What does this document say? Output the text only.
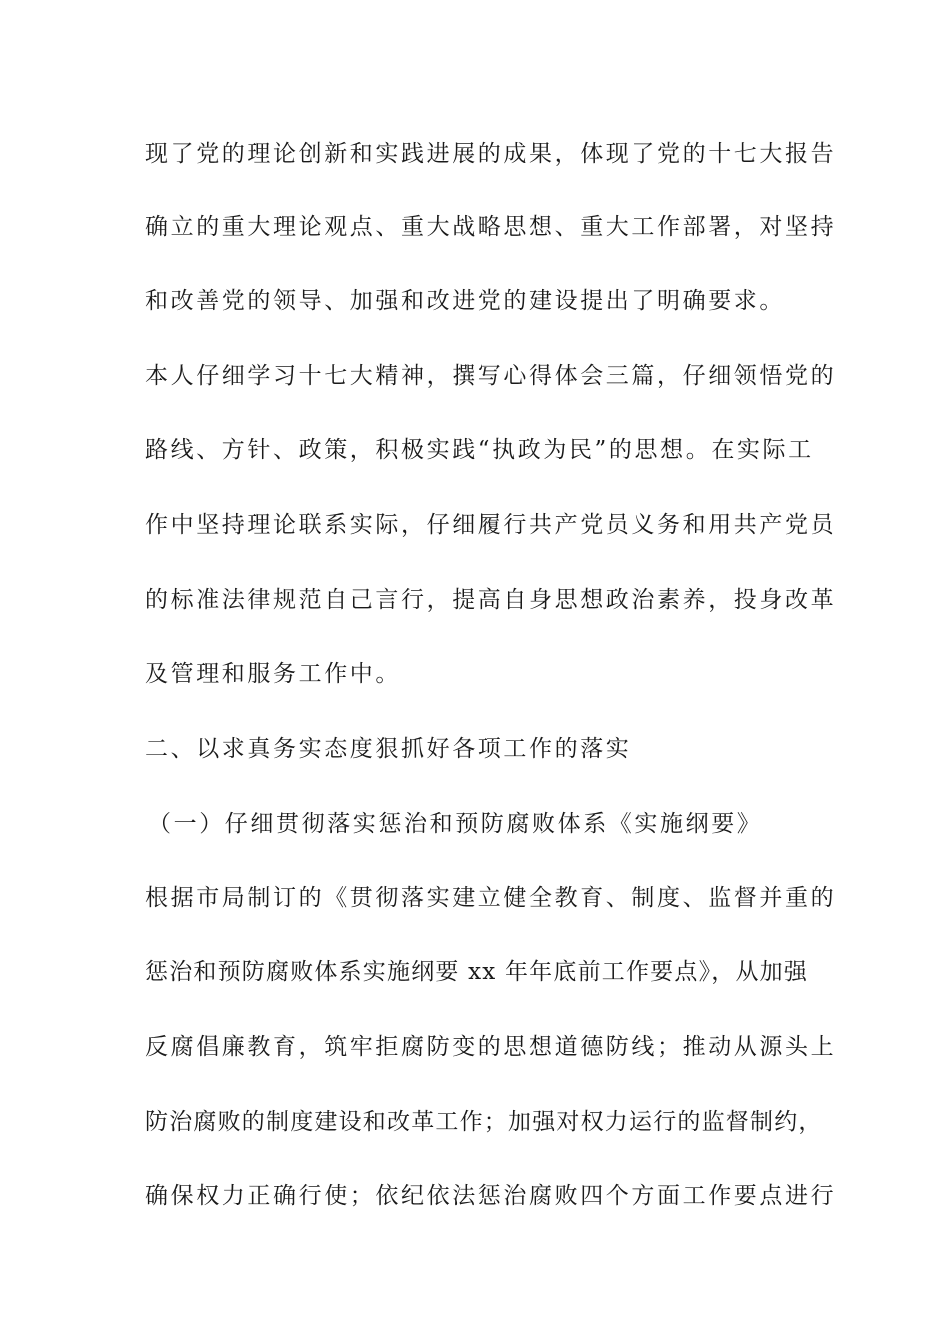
现了党的理论创新和实践进展的成果，体现了党的十七大报告
确立的重大理论观点、重大战略思想、重大工作部署，对坚持
和改善党的领导、加强和改进党的建设提出了明确要求。
本人仔细学习十七大精神，撰写心得体会三篇，仔细领悟党的
路线、方针、政策，积极实践“执政为民”的思想。在实际工
作中坚持理论联系实际，仔细履行共产党员义务和用共产党员
的标准法律规范自己言行，提高自身思想政治素养，投身改革
及管理和服务工作中。
二、以求真务实态度狠抓好各项工作的落实
（一）仔细贯彻落实惩治和预防腐败体系《实施纲要》
根据市局制订的《贯彻落实建立健全教育、制度、监督并重的
惩治和预防腐败体系实施纲要 xx 年年底前工作要点》，从加强
反腐倡廉教育，筑牢拒腐防变的思想道德防线；推动从源头上
防治腐败的制度建设和改革工作；加强对权力运行的监督制约，
确保权力正确行使；依纪依法惩治腐败四个方面工作要点进行
